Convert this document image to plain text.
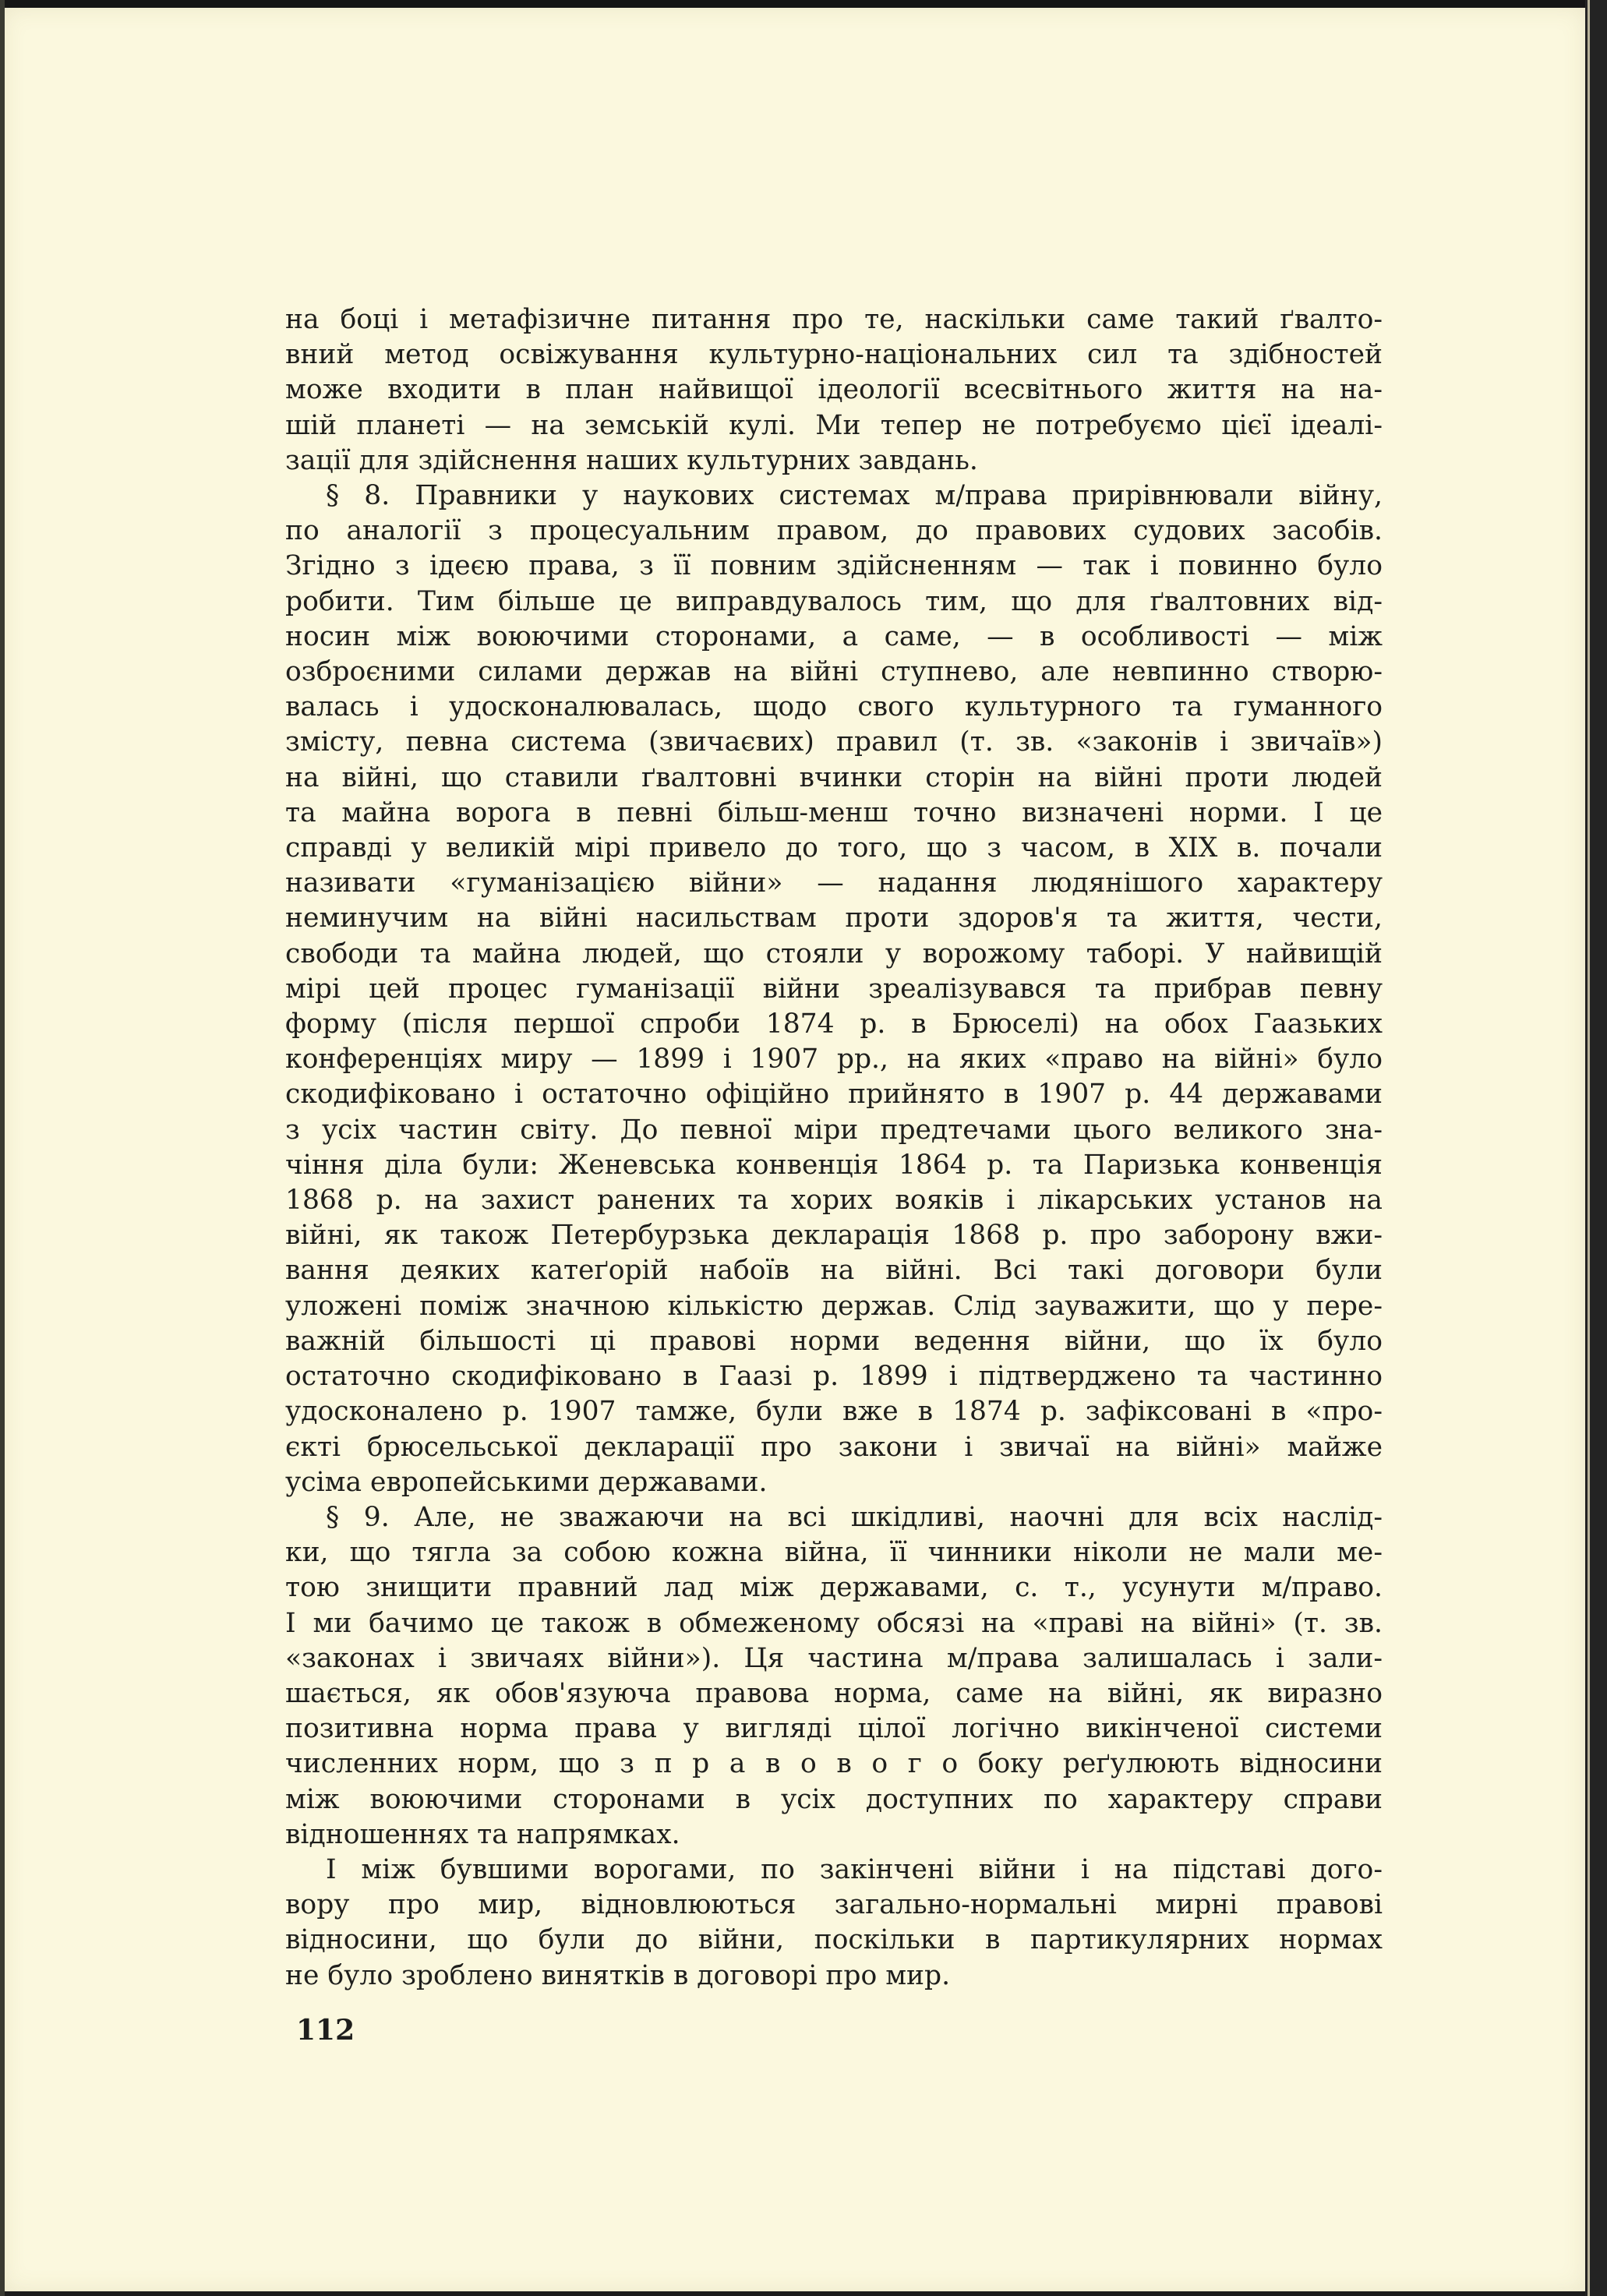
на боці і метафізичне питання про те, наскільки саме такий ґвалто-
вний метод освіжування культурно-національних сил та здібностей
може входити в план найвищої ідеології всесвітнього життя на на-
шій планеті — на земській кулі. Ми тепер не потребуємо цієї ідеалі-
зації для здійснення наших культурних завдань.
§ 8. Правники у наукових системах м/права прирівнювали війну,
по аналогії з процесуальним правом, до правових судових засобів.
Згідно з ідеєю права, з її повним здійсненням — так і повинно було
робити. Тим більше це виправдувалось тим, що для ґвалтовних від-
носин між воюючими сторонами, а саме, — в особливості — між
озброєними силами держав на війні ступнево, але невпинно створю-
валась і удосконалювалась, щодо свого культурного та гуманного
змісту, певна система (звичаєвих) правил (т. зв. «законів і звичаїв»)
на війні, що ставили ґвалтовні вчинки сторін на війні проти людей
та майна ворога в певні більш-менш точно визначені норми. І це
справді у великій мірі привело до того, що з часом, в XIX в. почали
називати «гуманізацією війни» — надання людянішого характеру
неминучим на війні насильствам проти здоров'я та життя, чести,
свободи та майна людей, що стояли у ворожому таборі. У найвищій
мірі цей процес гуманізації війни зреалізувався та прибрав певну
форму (після першої спроби 1874 р. в Брюселі) на обох Гаазьких
конференціях миру — 1899 і 1907 рр., на яких «право на війні» було
скодифіковано і остаточно офіційно прийнято в 1907 р. 44 державами
з усіх частин світу. До певної міри предтечами цього великого зна-
чіння діла були: Женевська конвенція 1864 р. та Паризька конвенція
1868 р. на захист ранених та хорих вояків і лікарських установ на
війні, як також Петербурзька декларація 1868 р. про заборону вжи-
вання деяких катеґорій набоїв на війні. Всі такі договори були
уложені поміж значною кількістю держав. Слід зауважити, що у пере-
важній більшості ці правові норми ведення війни, що їх було
остаточно скодифіковано в Гаазі р. 1899 і підтверджено та частинно
удосконалено р. 1907 тамже, були вже в 1874 р. зафіксовані в «про-
єкті брюсельської декларації про закони і звичаї на війні» майже
усіма европейськими державами.
§ 9. Але, не зважаючи на всі шкідливі, наочні для всіх наслід-
ки, що тягла за собою кожна війна, її чинники ніколи не мали ме-
тою знищити правний лад між державами, с. т., усунути м/право.
І ми бачимо це також в обмеженому обсязі на «праві на війні» (т. зв.
«законах і звичаях війни»). Ця частина м/права залишалась і зали-
шається, як обов'язуюча правова норма, саме на війні, як виразно
позитивна норма права у вигляді цілої логічно викінченої системи
численних норм, що з п р а в о в о г о боку реґулюють відносини
між воюючими сторонами в усіх доступних по характеру справи
відношеннях та напрямках.
І між бувшими ворогами, по закінчені війни і на підставі дого-
вору про мир, відновлюються загально-нормальні мирні правові
відносини, що були до війни, поскільки в партикулярних нормах
не було зроблено винятків в договорі про мир.
112
